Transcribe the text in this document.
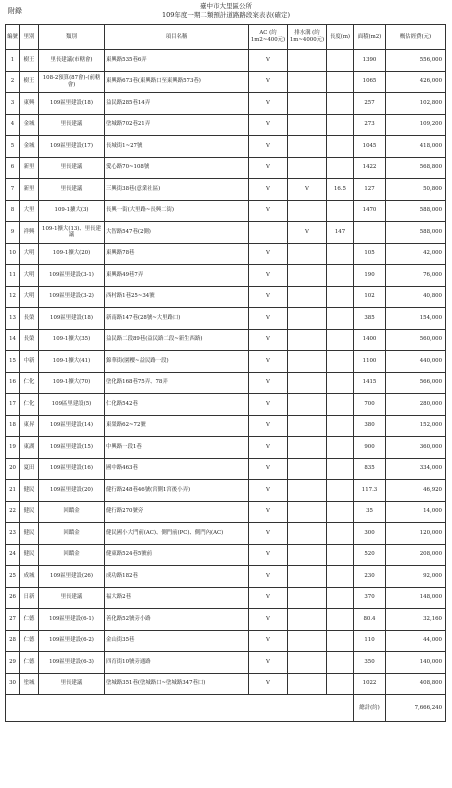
附錄
臺中市大里區公所
109年度一期二類預計道路路段案表表(確定)
編號	里別	類別	項目名稱	AC (約1m2~400元)	排水溝 (約1m~4000元)	長度(m)	面積(m2)	概估經費(元)
1	樹王	里長建議(市轄會)	東興路535巷6弄	V			1390	556,000
2	樹王	108-2預算(87會)-(前轄會)	東興路673巷(東興路口至東興路573巷)	V			1065	426,000
3	東興	109區里建設(18)	益民路285巷14弄	V			257	102,800
4	金城	里長建議	塗城路702巷21弄	V			273	109,200
5	金城	109區里建設(17)	長城街1~27號	V			1045	418,000
6	新里	里長建議	愛心路70~108號	V			1422	568,800
7	新里	里長建議	三興街38巷(意業社區)	V	V	16.5	127	50,800
8	大里	109-1擴大(3)	長興一街(大里路~長興二街)	V			1470	588,000
9	祥興	109-1擴大(13)、里長建議	大智路547巷(2側)		V	147		588,000
10	大明	109-1擴大(20)	東興路78巷	V			105	42,000
11	大明	109區里建設(3-1)	東興路49巷7弄	V			190	76,000
12	大明	109區里建設(3-2)	西村路1巷25~34號	V			102	40,800
13	長榮	109區里建設(18)	新南路147巷(28號~大里路口)	V			385	154,000
14	長榮	109-1擴大(35)	益民路二段89巷(益民路二段~新生西路)	V			1400	560,000
15	中新	109-1擴大(41)	錦華街(園櫻~益民路一段)	V			1100	440,000
16	仁化	109-1擴大(70)	塗化路168巷75弄、78弄	V			1415	566,000
17	仁化	109區里建設(5)	仁化路542巷	V			700	280,000
18	東昇	109區里建設(14)	東榮路62~72號	V			380	152,000
19	東湖	109區里建設(15)	中興路一段1巷	V			900	360,000
20	夏田	109區里建設(16)	國中路463巷	V			835	334,000
21	健民	109區里建設(20)	健行路248巷46號(宮側1宮後小弄)	V			117.3	46,920
22	健民	回饋金	健行路270號旁	V			35	14,000
23	健民	回饋金	健民國小大門前(AC)、側門前(PC)、側門內(AC)	V			300	120,000
24	健民	回饋金	健東路524巷5號前	V			520	208,000
25	成城	109區里建設(26)	成功路182巷	V			230	92,000
26	日新	里長建議	福大路2巷	V			370	148,000
27	仁德	109區里建設(6-1)	善化路52號旁小路	V			80.4	32,160
28	仁德	109區里建設(6-2)	金山街35巷	V			110	44,000
29	仁德	109區里建設(6-3)	四育街10號旁通路	V			350	140,000
30	塗城	里長建議	塗城路351巷(塗城路口~塗城路347巷口)	V			1022	408,800
							總計(約)	7,666,240
